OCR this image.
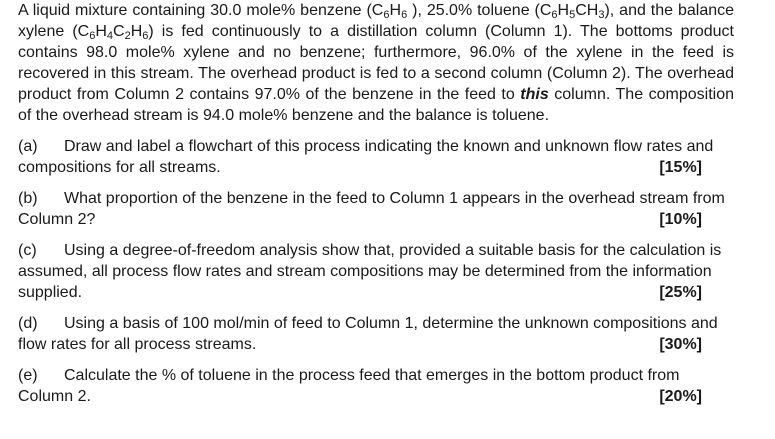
A liquid mixture containing 30.0 mole% benzene ($C_6H_6$ ), 25.0% toluene $(C_6H_5CH_3)$, and the balance xylene $(C_6H_4C_2H_6)$ is fed continuously to a distillation column (Column 1). The bottoms product contains 98.0 mole% xylene and no benzene; furthermore, 96.0% of the xylene in the feed is recovered in this stream. The overhead product is fed to a second column (Column 2). The overhead product from Column 2 contains 97.0% of the benzene in the feed to this column. The composition of the overhead stream is 94.0 mole% benzene and the balance is toluene.

(a) Draw and label a flowchart of this process indicating the known and unknown flow rates and compositions for all streams.	[15%]

(b) What proportion of the benzene in the feed to Column 1 appears in the overhead stream from Column 2?	[10%]

(c) Using a degree-of-freedom analysis show that, provided a suitable basis for the calculation is assumed, all process flow rates and stream compositions may be determined from the information supplied.	[25%]

(d) Using a basis of 100 mol/min of feed to Column 1, determine the unknown compositions and flow rates for all process streams.	[30%]

(e) Calculate the % of toluene in the process feed that emerges in the bottom product from Column 2.	[20%]
